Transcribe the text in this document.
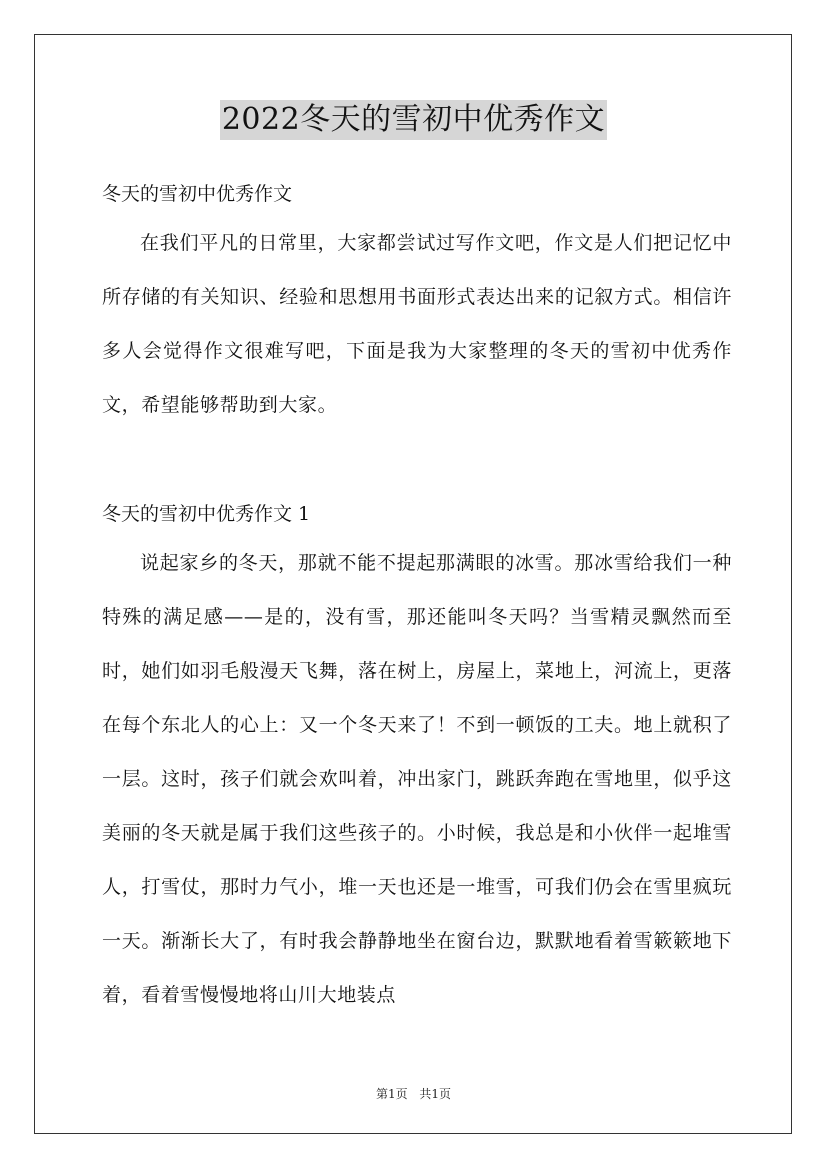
2022冬天的雪初中优秀作文

冬天的雪初中优秀作文

在我们平凡的日常里，大家都尝试过写作文吧，作文是人们把记忆中所存储的有关知识、经验和思想用书面形式表达出来的记叙方式。相信许多人会觉得作文很难写吧，下面是我为大家整理的冬天的雪初中优秀作文，希望能够帮助到大家。

冬天的雪初中优秀作文 1

说起家乡的冬天，那就不能不提起那满眼的冰雪。那冰雪给我们一种特殊的满足感——是的，没有雪，那还能叫冬天吗？当雪精灵飘然而至时，她们如羽毛般漫天飞舞，落在树上，房屋上，菜地上，河流上，更落在每个东北人的心上：又一个冬天来了！不到一顿饭的工夫。地上就积了一层。这时，孩子们就会欢叫着，冲出家门，跳跃奔跑在雪地里，似乎这美丽的冬天就是属于我们这些孩子的。小时候，我总是和小伙伴一起堆雪人，打雪仗，那时力气小，堆一天也还是一堆雪，可我们仍会在雪里疯玩一天。渐渐长大了，有时我会静静地坐在窗台边，默默地看着雪簌簌地下着，看着雪慢慢地将山川大地装点

第1页 共1页
